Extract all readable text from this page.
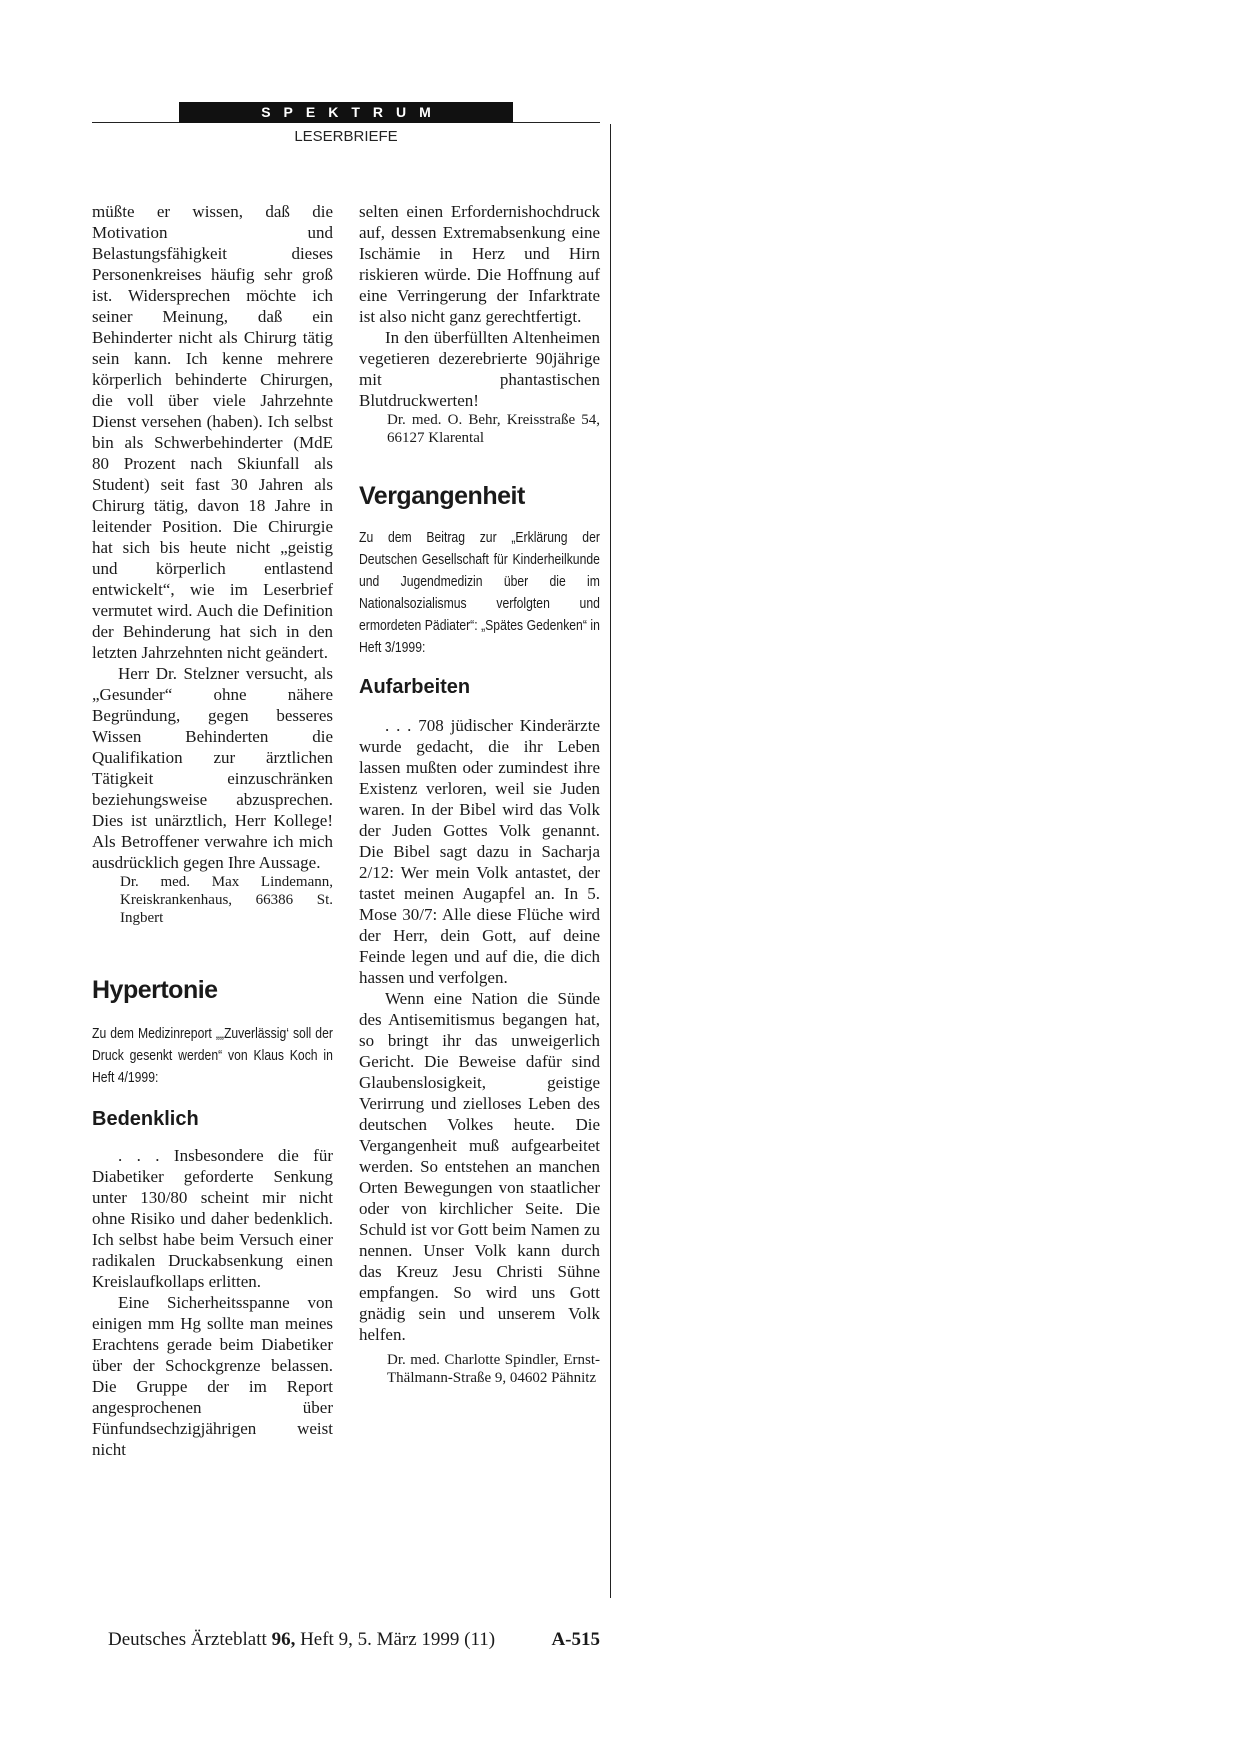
SPEKTRUM
LESERBRIEFE

müßte er wissen, daß die Motivation und Belastungsfähigkeit dieses Personenkreises häufig sehr groß ist. Widersprechen möchte ich seiner Meinung, daß ein Behinderter nicht als Chirurg tätig sein kann. Ich kenne mehrere körperlich behinderte Chirurgen, die voll über viele Jahrzehnte Dienst versehen (haben). Ich selbst bin als Schwerbehinderter (MdE 80 Prozent nach Skiunfall als Student) seit fast 30 Jahren als Chirurg tätig, davon 18 Jahre in leitender Position. Die Chirurgie hat sich bis heute nicht „geistig und körperlich entlastend entwickelt“, wie im Leserbrief vermutet wird. Auch die Definition der Behinderung hat sich in den letzten Jahrzehnten nicht geändert.

Herr Dr. Stelzner versucht, als „Gesunder“ ohne nähere Begründung, gegen besseres Wissen Behinderten die Qualifikation zur ärztlichen Tätigkeit einzuschränken beziehungsweise abzusprechen. Dies ist unärztlich, Herr Kollege! Als Betroffener verwahre ich mich ausdrücklich gegen Ihre Aussage.

Dr. med. Max Lindemann, Kreiskrankenhaus, 66386 St. Ingbert

Hypertonie

Zu dem Medizinreport „„Zuverlässig‘ soll der Druck gesenkt werden“ von Klaus Koch in Heft 4/1999:

Bedenklich

. . . Insbesondere die für Diabetiker geforderte Senkung unter 130/80 scheint mir nicht ohne Risiko und daher bedenklich. Ich selbst habe beim Versuch einer radikalen Druckabsenkung einen Kreislaufkollaps erlitten.

Eine Sicherheitsspanne von einigen mm Hg sollte man meines Erachtens gerade beim Diabetiker über der Schockgrenze belassen. Die Gruppe der im Report angesprochenen über Fünfundsechzigjährigen weist nicht

selten einen Erfordernishochdruck auf, dessen Extremabsenkung eine Ischämie in Herz und Hirn riskieren würde. Die Hoffnung auf eine Verringerung der Infarktrate ist also nicht ganz gerechtfertigt.

In den überfüllten Altenheimen vegetieren dezerebrierte 90jährige mit phantastischen Blutdruckwerten!

Dr. med. O. Behr, Kreisstraße 54, 66127 Klarental

Vergangenheit

Zu dem Beitrag zur „Erklärung der Deutschen Gesellschaft für Kinderheilkunde und Jugendmedizin über die im Nationalsozialismus verfolgten und ermordeten Pädiater“: „Spätes Gedenken“ in Heft 3/1999:

Aufarbeiten

. . . 708 jüdischer Kinderärzte wurde gedacht, die ihr Leben lassen mußten oder zumindest ihre Existenz verloren, weil sie Juden waren. In der Bibel wird das Volk der Juden Gottes Volk genannt. Die Bibel sagt dazu in Sacharja 2/12: Wer mein Volk antastet, der tastet meinen Augapfel an. In 5. Mose 30/7: Alle diese Flüche wird der Herr, dein Gott, auf deine Feinde legen und auf die, die dich hassen und verfolgen.

Wenn eine Nation die Sünde des Antisemitismus begangen hat, so bringt ihr das unweigerlich Gericht. Die Beweise dafür sind Glaubenslosigkeit, geistige Verirrung und zielloses Leben des deutschen Volkes heute. Die Vergangenheit muß aufgearbeitet werden. So entstehen an manchen Orten Bewegungen von staatlicher oder von kirchlicher Seite. Die Schuld ist vor Gott beim Namen zu nennen. Unser Volk kann durch das Kreuz Jesu Christi Sühne empfangen. So wird uns Gott gnädig sein und unserem Volk helfen.

Dr. med. Charlotte Spindler, Ernst-Thälmann-Straße 9, 04602 Pähnitz

Deutsches Ärzteblatt 96, Heft 9, 5. März 1999 (11)	A-515
